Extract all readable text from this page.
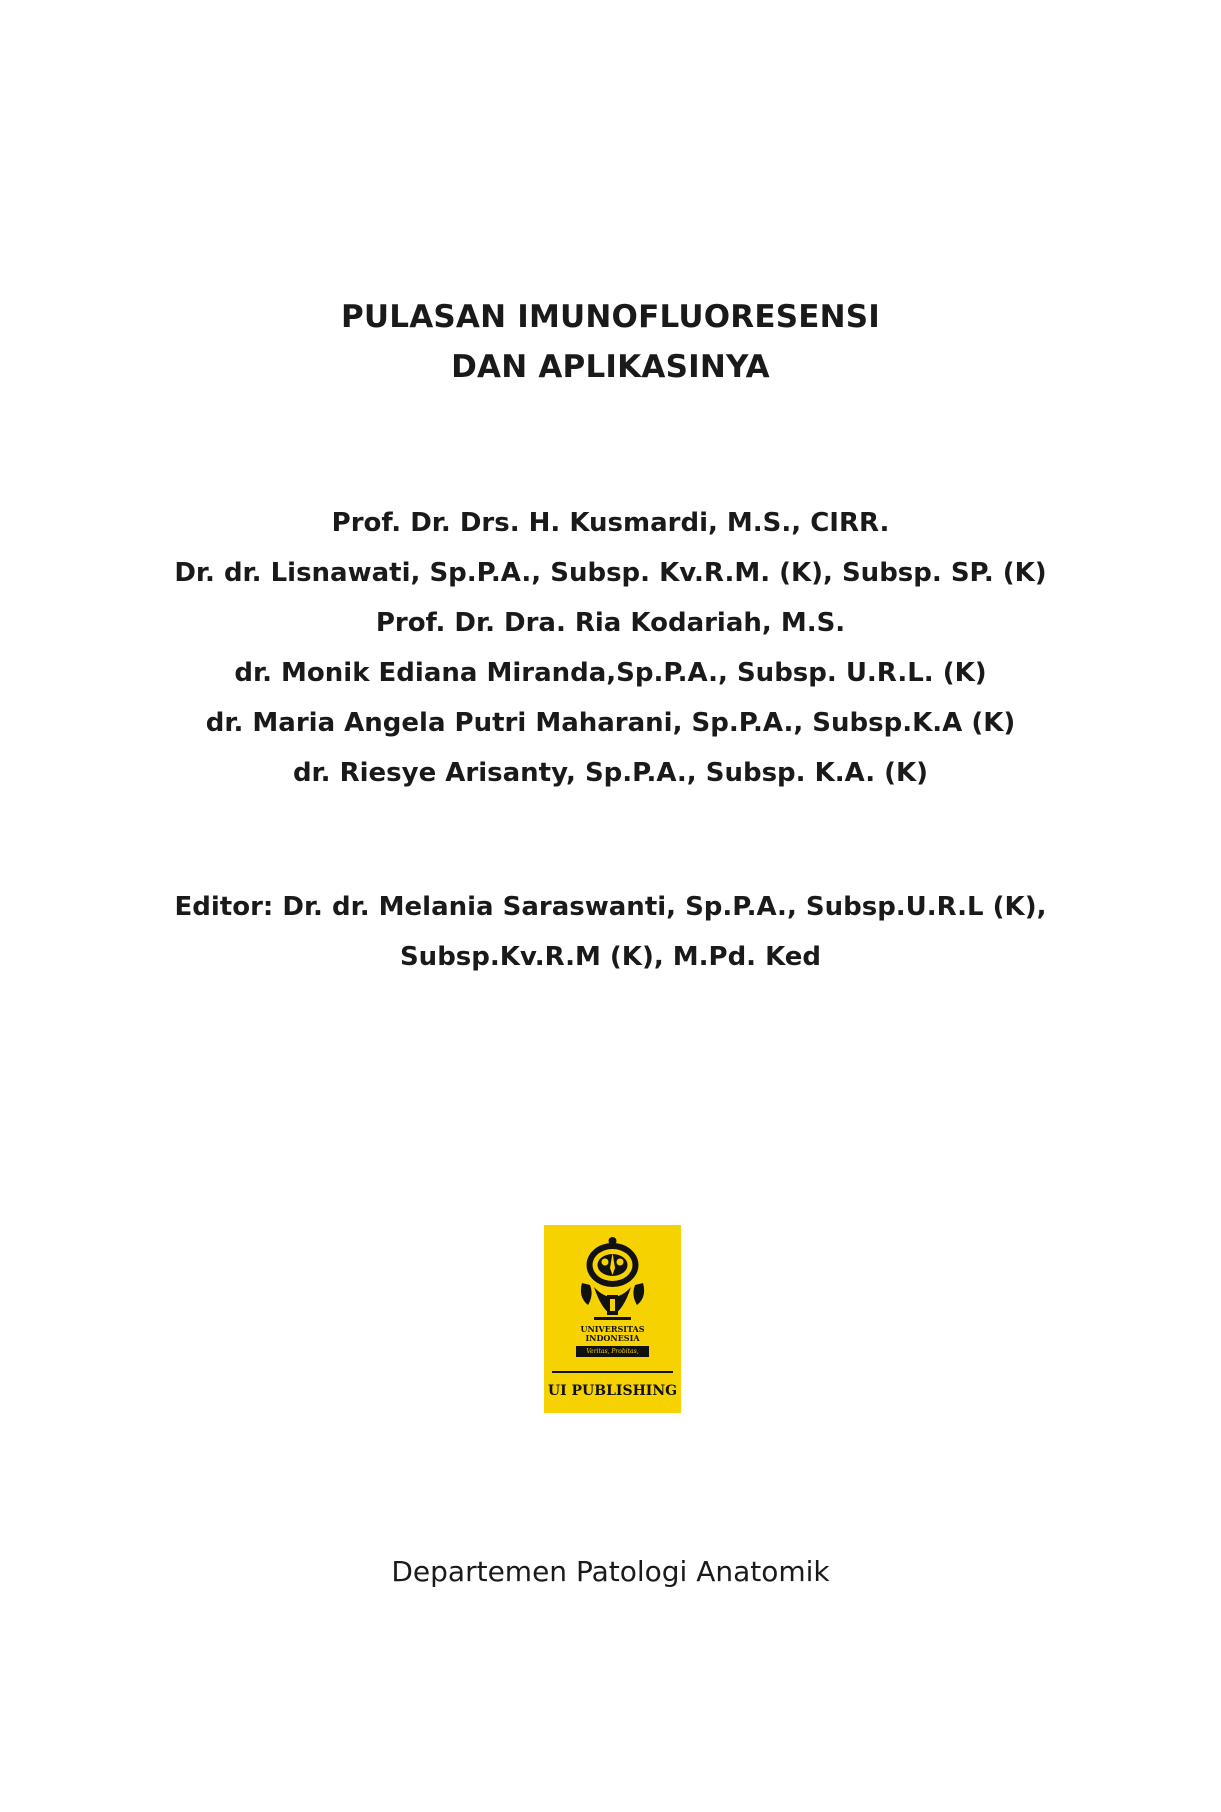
PULASAN IMUNOFLUORESENSI
DAN APLIKASINYA
Prof. Dr. Drs. H. Kusmardi, M.S., CIRR.
Dr. dr. Lisnawati, Sp.P.A., Subsp. Kv.R.M. (K), Subsp. SP. (K)
Prof. Dr. Dra. Ria Kodariah, M.S.
dr. Monik Ediana Miranda,Sp.P.A., Subsp. U.R.L. (K)
dr. Maria Angela Putri Maharani, Sp.P.A., Subsp.K.A (K)
dr. Riesye Arisanty, Sp.P.A., Subsp. K.A. (K)
Editor: Dr. dr. Melania Saraswanti, Sp.P.A., Subsp.U.R.L (K),
Subsp.Kv.R.M (K), M.Pd. Ked
UNIVERSITAS
INDONESIA
Veritas, Probitas, Iustitia
UI PUBLISHING
Departemen Patologi Anatomik
